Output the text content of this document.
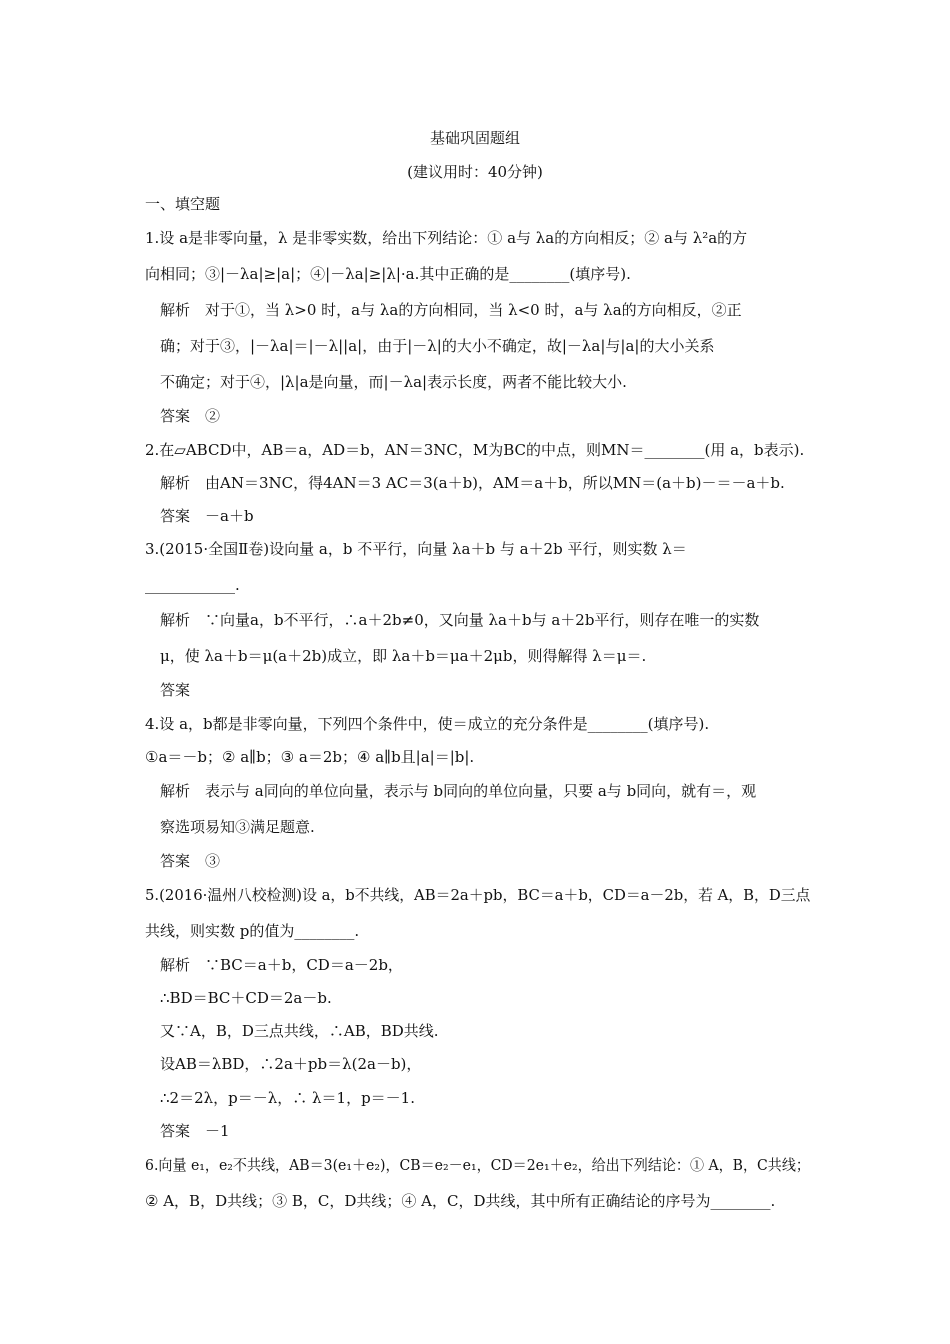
基础巩固题组
(建议用时：40分钟)
一、填空题
1.设 a是非零向量，λ 是非零实数，给出下列结论：① a与 λa的方向相反；② a与 λ²a的方
向相同；③|－λa|≥|a|；④|－λa|≥|λ|·a.其中正确的是________(填序号).
解析　对于①，当 λ>0 时，a与 λa的方向相同，当 λ<0 时，a与 λa的方向相反，②正
确；对于③，|－λa|＝|－λ||a|，由于|－λ|的大小不确定，故|－λa|与|a|的大小关系
不确定；对于④，|λ|a是向量，而|－λa|表示长度，两者不能比较大小.
答案　②
2.在▱ABCD中，AB＝a，AD＝b，AN＝3NC，M为BC的中点，则MN＝________(用 a，b表示).
解析　由AN＝3NC，得4AN＝3 AC＝3(a＋b)，AM＝a＋b，所以MN＝(a＋b)－＝－a＋b.
答案　－a＋b
3.(2015·全国Ⅱ卷)设向量 a，b 不平行，向量 λa＋b 与 a＋2b 平行，则实数 λ＝
____________.
解析　∵向量a，b不平行，∴a＋2b≠0，又向量 λa＋b与 a＋2b平行，则存在唯一的实数
μ，使 λa＋b＝μ(a＋2b)成立，即 λa＋b＝μa＋2μb，则得解得 λ＝μ＝.
答案
4.设 a，b都是非零向量，下列四个条件中，使＝成立的充分条件是________(填序号).
①a＝－b；② a∥b；③ a＝2b；④ a∥b且|a|＝|b|.
解析　表示与 a同向的单位向量，表示与 b同向的单位向量，只要 a与 b同向，就有＝，观
察选项易知③满足题意.
答案　③
5.(2016·温州八校检测)设 a，b不共线，AB＝2a＋pb，BC＝a＋b，CD＝a－2b，若 A，B，D三点
共线，则实数 p的值为________.
解析　∵BC＝a＋b，CD＝a－2b，
∴BD＝BC＋CD＝2a－b.
又∵A，B，D三点共线，∴AB，BD共线.
设AB＝λBD，∴2a＋pb＝λ(2a－b)，
∴2＝2λ，p＝－λ，∴ λ＝1，p＝－1.
答案　－1
6.向量 e₁，e₂不共线，AB＝3(e₁＋e₂)，CB＝e₂－e₁，CD＝2e₁＋e₂，给出下列结论：① A，B，C共线；
② A，B，D共线；③ B，C，D共线；④ A，C，D共线，其中所有正确结论的序号为________.
